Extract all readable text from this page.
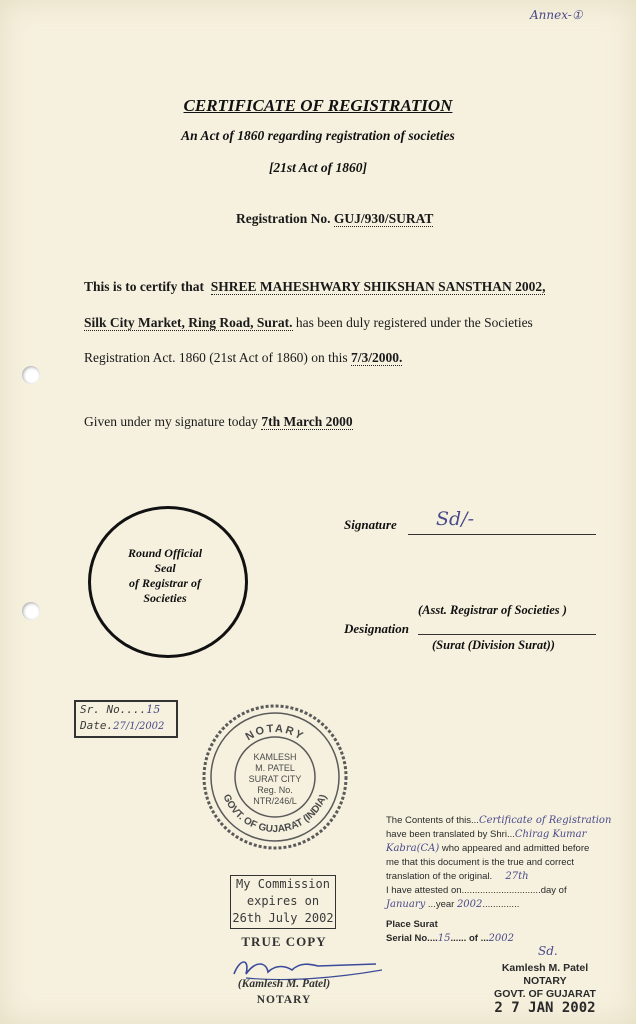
Annex-①
CERTIFICATE OF REGISTRATION
An Act of 1860 regarding registration of societies
[21st Act of 1860]
Registration No. GUJ/930/SURAT
This is to certify that SHREE MAHESHWARY SHIKSHAN SANSTHAN 2002,
Silk City Market, Ring Road, Surat. has been duly registered under the Societies
Registration Act. 1860 (21st Act of 1860) on this 7/3/2000.
Given under my signature today 7th March 2000
Round Official
Seal
of Registrar of
Societies
Signature Sd/-
(Asst. Registrar of Societies )
Designation
(Surat (Division Surat))
Sr. No....15
Date.27/1/2002
NOTARY
GOVT. OF GUJARAT (INDIA)
KAMLESH
M. PATEL
SURAT CITY
Reg. No.
NTR/246/L
My Commission
expires on
26th July 2002
TRUE COPY
(Kamlesh M. Patel)
NOTARY
The Contents of this...Certificate of Registration
have been translated by Shri...Chirag Kumar
Kabra(CA) who appeared and admitted before
me that this document is the true and correct
translation of the original. 27th
I have attested on..............................day of
January ...year 2002..............
Place Surat
Serial No....15...... of ...2002
Sd.
Kamlesh M. Patel
NOTARY
GOVT. OF GUJARAT
2 7 JAN 2002
